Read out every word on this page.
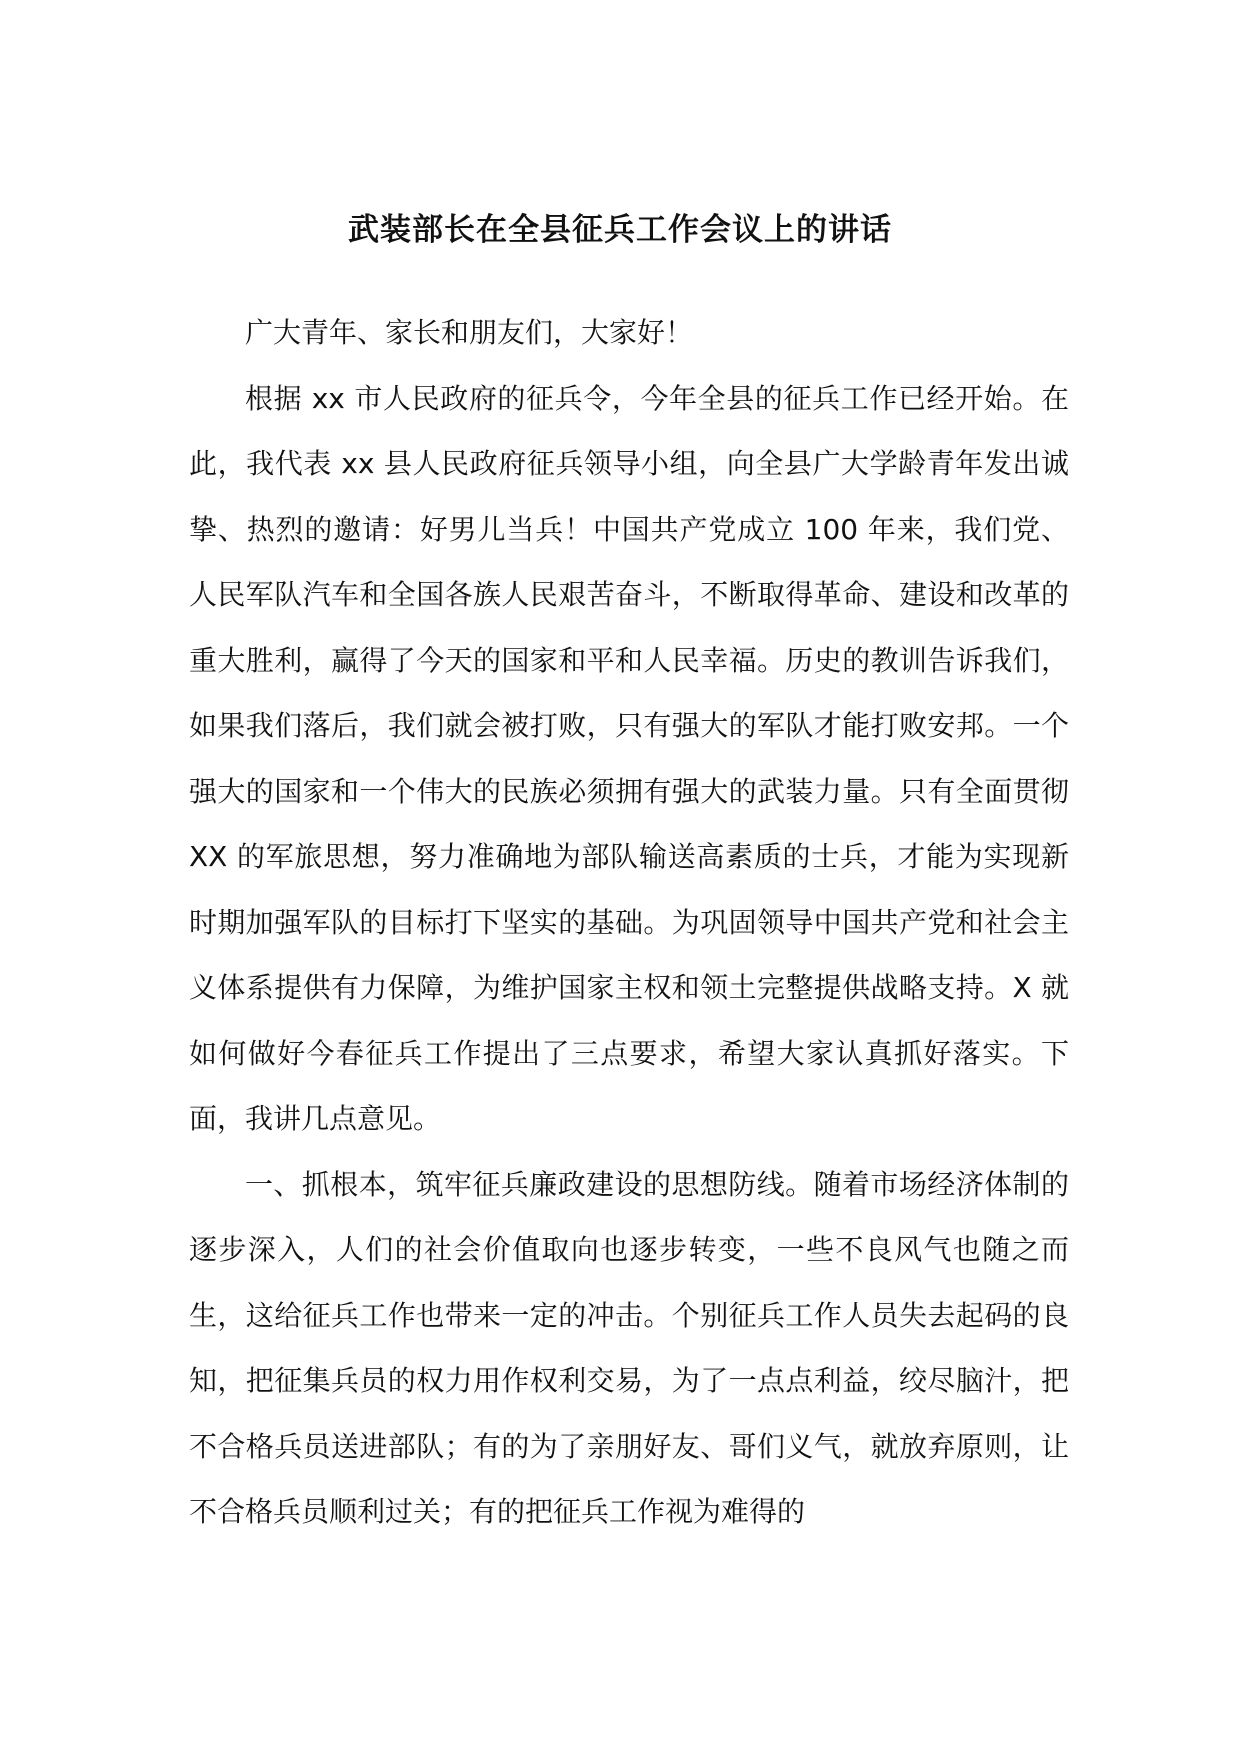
武装部长在全县征兵工作会议上的讲话

广大青年、家长和朋友们，大家好！

根据 xx 市人民政府的征兵令，今年全县的征兵工作已经开始。在此，我代表 xx 县人民政府征兵领导小组，向全县广大学龄青年发出诚挚、热烈的邀请：好男儿当兵！中国共产党成立 100 年来，我们党、人民军队汽车和全国各族人民艰苦奋斗，不断取得革命、建设和改革的重大胜利，赢得了今天的国家和平和人民幸福。历史的教训告诉我们，如果我们落后，我们就会被打败，只有强大的军队才能打败安邦。一个强大的国家和一个伟大的民族必须拥有强大的武装力量。只有全面贯彻 XX 的军旅思想，努力准确地为部队输送高素质的士兵，才能为实现新时期加强军队的目标打下坚实的基础。为巩固领导中国共产党和社会主义体系提供有力保障，为维护国家主权和领土完整提供战略支持。X 就如何做好今春征兵工作提出了三点要求，希望大家认真抓好落实。下面，我讲几点意见。

一、抓根本，筑牢征兵廉政建设的思想防线。随着市场经济体制的逐步深入，人们的社会价值取向也逐步转变，一些不良风气也随之而生，这给征兵工作也带来一定的冲击。个别征兵工作人员失去起码的良知，把征集兵员的权力用作权利交易，为了一点点利益，绞尽脑汁，把不合格兵员送进部队；有的为了亲朋好友、哥们义气，就放弃原则，让不合格兵员顺利过关；有的把征兵工作视为难得的
